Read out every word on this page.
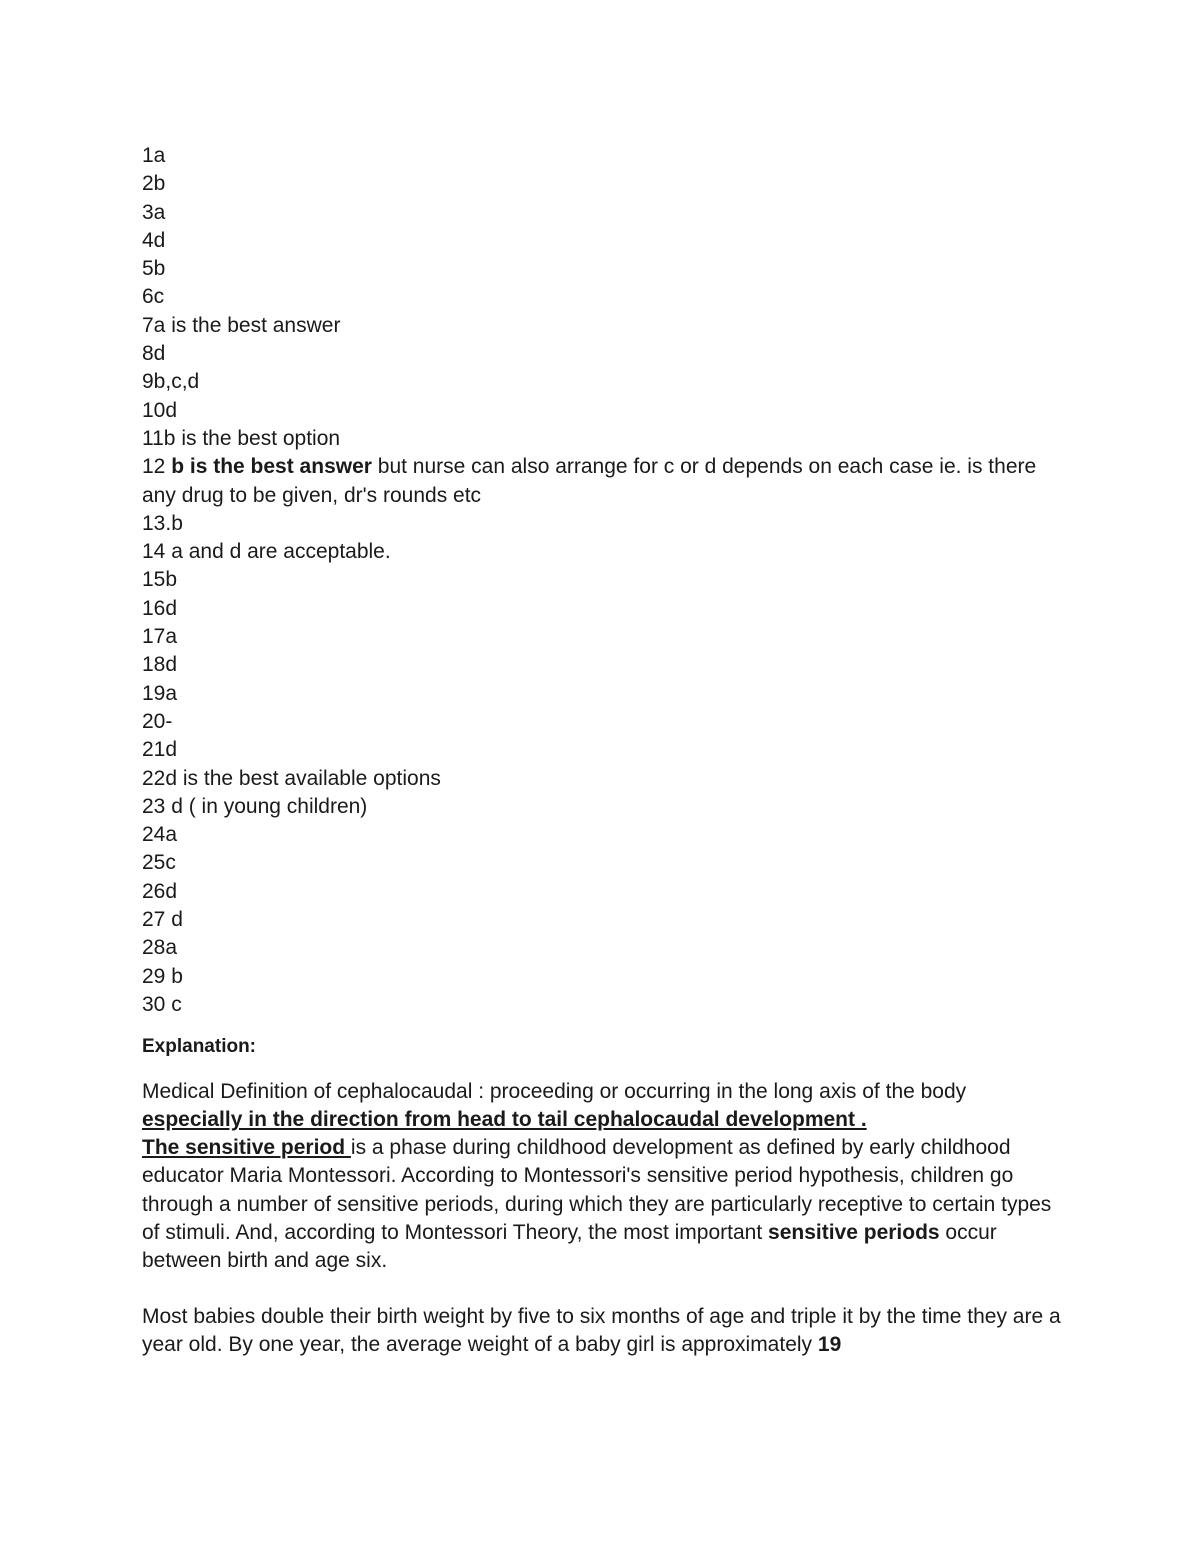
1a
2b
3a
4d
5b
6c
7a is the best answer
8d
9b,c,d
10d
11b is the best option
12 b is the best answer but nurse can also arrange for c or d depends on each case ie. is there any drug to be given, dr's rounds etc
13.b
14 a and d are acceptable.
15b
16d
17a
18d
19a
20-
21d
22d is the best available options
23 d ( in young children)
24a
25c
26d
27 d
28a
29 b
30 c
Explanation:
Medical Definition of cephalocaudal : proceeding or occurring in the long axis of the body especially in the direction from head to tail cephalocaudal development .
The sensitive period is a phase during childhood development as defined by early childhood educator Maria Montessori. According to Montessori's sensitive period hypothesis, children go through a number of sensitive periods, during which they are particularly receptive to certain types of stimuli. And, according to Montessori Theory, the most important sensitive periods occur between birth and age six.
Most babies double their birth weight by five to six months of age and triple it by the time they are a year old. By one year, the average weight of a baby girl is approximately 19
